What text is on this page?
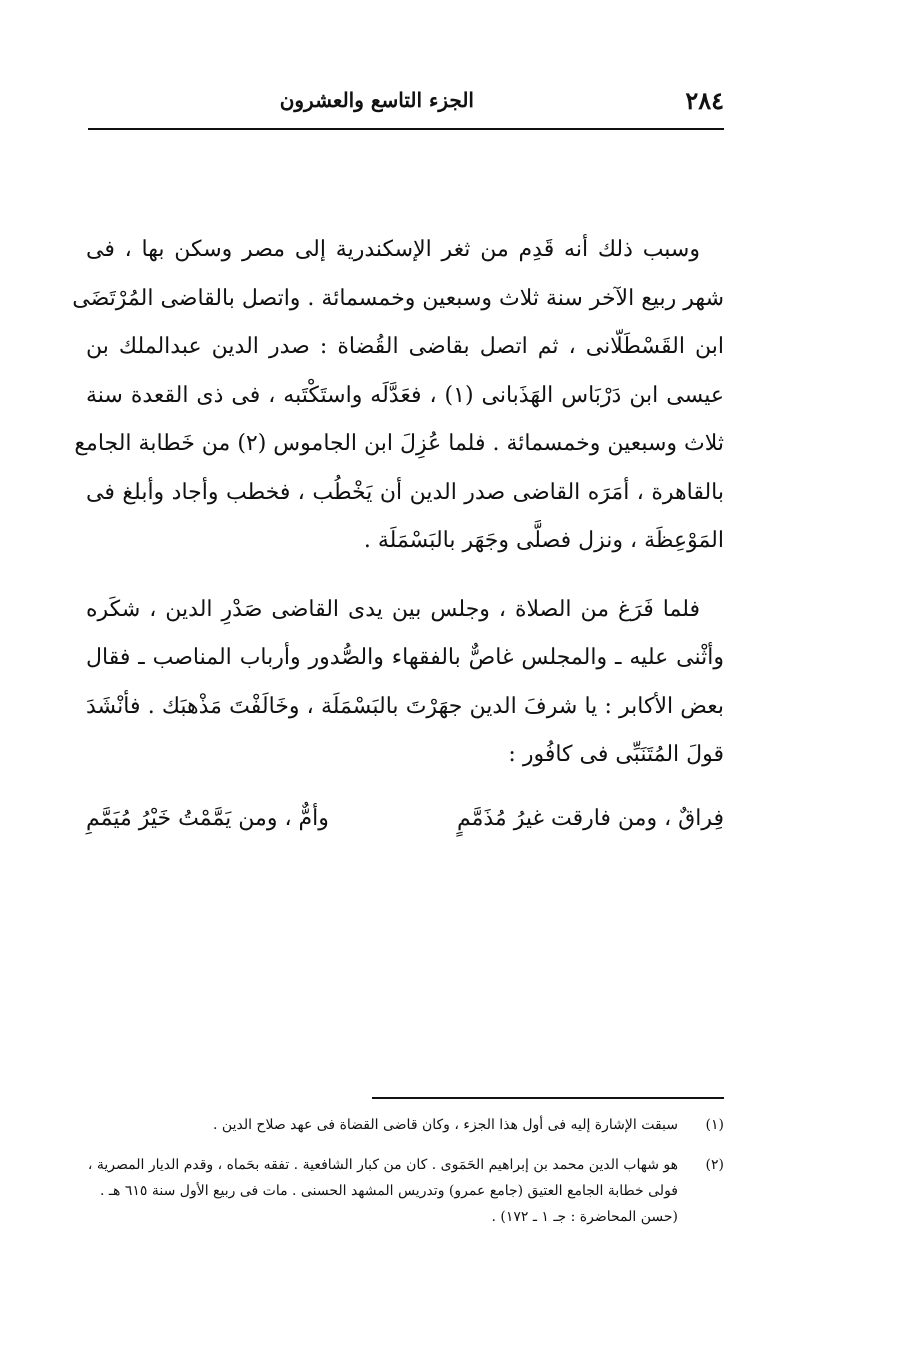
٢٨٤
الجزء التاسع والعشرون

وسبب ذلك أنه قَدِم من ثغر الإسكندرية إلى مصر وسكن بها ، فى
شهر ربيع الآخر سنة ثلاث وسبعين وخمسمائة . واتصل بالقاضى المُرْتَضَى
ابن القَسْطَلّانى ، ثم اتصل بقاضى القُضاة : صدر الدين عبدالملك بن
عيسى ابن دَرْبَاس الهَذَبانى (١) ، فعَدَّلَه واستَكْتَبه ، فى ذى القعدة سنة
ثلاث وسبعين وخمسمائة . فلما عُزِلَ ابن الجاموس (٢) من خَطابة الجامع
بالقاهرة ، أمَرَه القاضى صدر الدين أن يَخْطُب ، فخطب وأجاد وأبلغ فى
المَوْعِظَة ، ونزل فصلَّى وجَهَر بالبَسْمَلَة .

فلما فَرَغ من الصلاة ، وجلس بين يدى القاضى صَدْرِ الدين ، شكَره
وأثْنى عليه ـ والمجلس غاصٌّ بالفقهاء والصُّدور وأرباب المناصب ـ فقال
بعض الأكابر : يا شرفَ الدين جهَرْتَ بالبَسْمَلَة ، وخَالَفْتَ مَذْهبَك . فأنْشَدَ
قولَ المُتَنَبِّى فى كافُور :

فِراقٌ ، ومن فارقت غيرُ مُذَمَّمٍ
وأمٌّ ، ومن يَمَّمْتُ خَيْرُ مُيَمَّمِ
(١)
سبقت الإشارة إليه فى أول هذا الجزء ، وكان قاضى القضاة فى عهد صلاح الدين .
(٢)
هو شهاب الدين محمد بن إبراهيم الحَمَوى . كان من كبار الشافعية . تفقه بحَماه ، وقدم الديار المصرية ،
فولى خطابة الجامع العتيق (جامع عمرو) وتدريس المشهد الحسنى . مات فى ربيع الأول سنة ٦١٥ هـ .
(حسن المحاضرة : جـ ١ ـ ١٧٢) .
